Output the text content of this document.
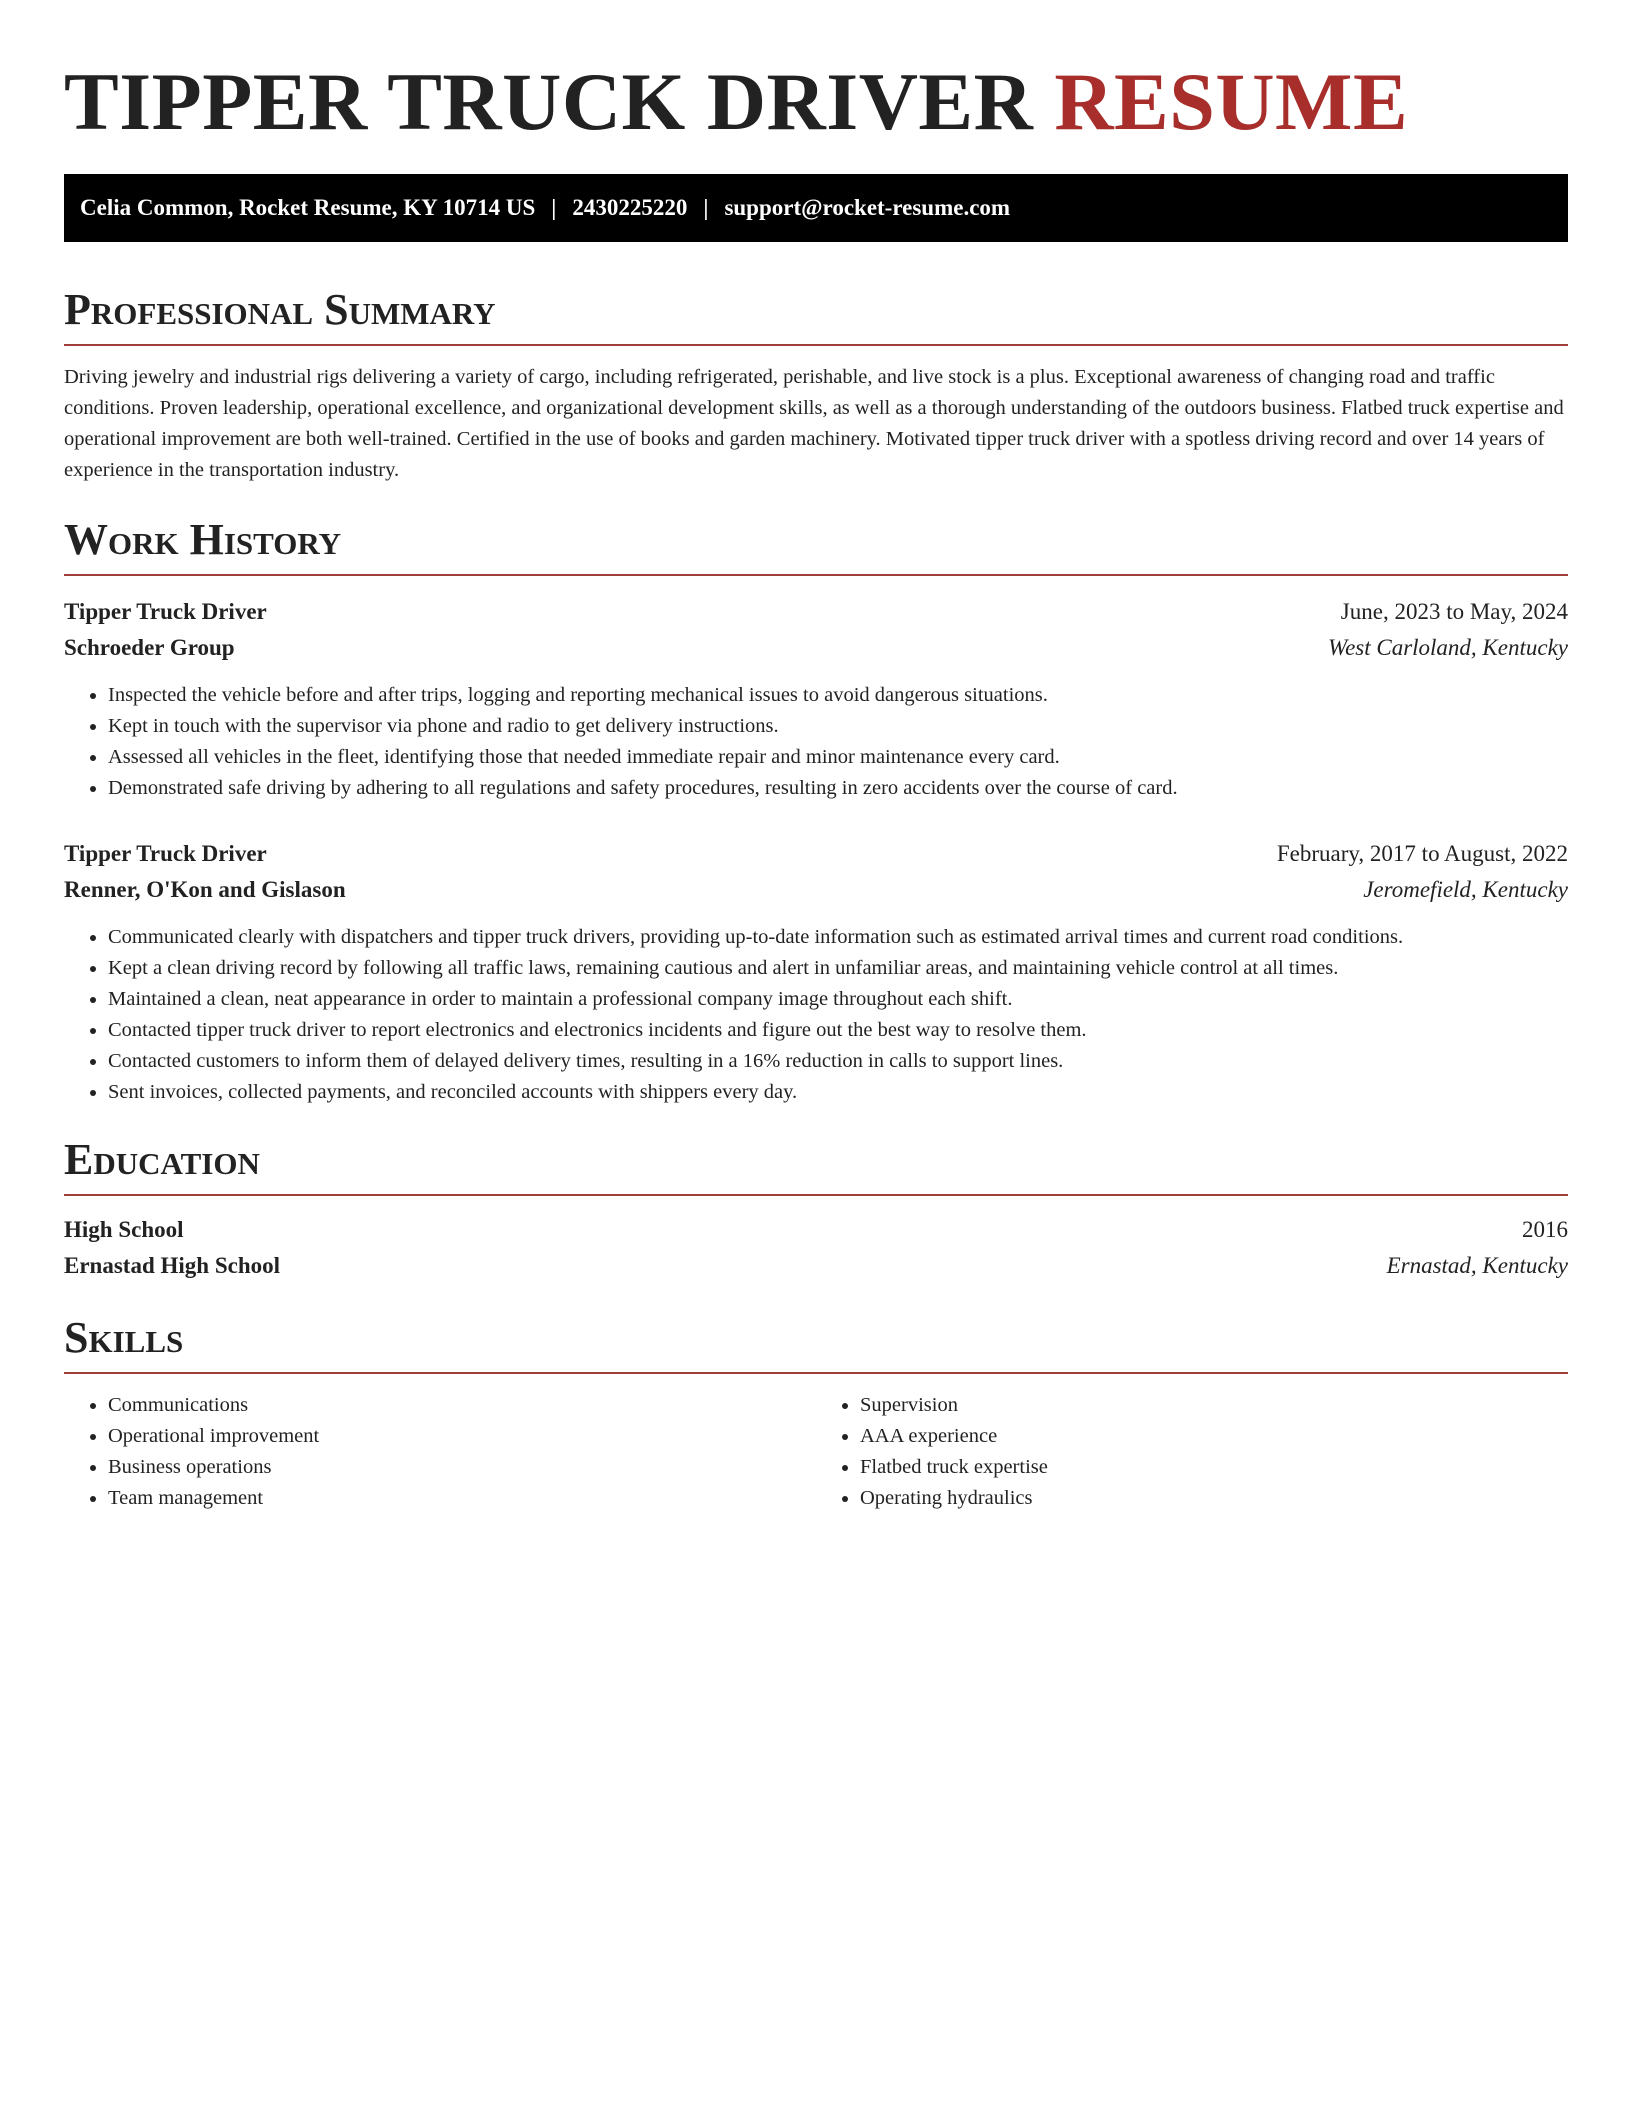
TIPPER TRUCK DRIVER RESUME
Celia Common, Rocket Resume, KY 10714 US | 2430225220 | support@rocket-resume.com
Professional Summary

Driving jewelry and industrial rigs delivering a variety of cargo, including refrigerated, perishable, and live stock is a plus. Exceptional awareness of changing road and traffic conditions. Proven leadership, operational excellence, and organizational development skills, as well as a thorough understanding of the outdoors business. Flatbed truck expertise and operational improvement are both well-trained. Certified in the use of books and garden machinery. Motivated tipper truck driver with a spotless driving record and over 14 years of experience in the transportation industry.

Work History
Tipper Truck Driver	June, 2023 to May, 2024
Schroeder Group	West Carloland, Kentucky
• Inspected the vehicle before and after trips, logging and reporting mechanical issues to avoid dangerous situations.
• Kept in touch with the supervisor via phone and radio to get delivery instructions.
• Assessed all vehicles in the fleet, identifying those that needed immediate repair and minor maintenance every card.
• Demonstrated safe driving by adhering to all regulations and safety procedures, resulting in zero accidents over the course of card.
Tipper Truck Driver	February, 2017 to August, 2022
Renner, O'Kon and Gislason	Jeromefield, Kentucky
• Communicated clearly with dispatchers and tipper truck drivers, providing up-to-date information such as estimated arrival times and current road conditions.
• Kept a clean driving record by following all traffic laws, remaining cautious and alert in unfamiliar areas, and maintaining vehicle control at all times.
• Maintained a clean, neat appearance in order to maintain a professional company image throughout each shift.
• Contacted tipper truck driver to report electronics and electronics incidents and figure out the best way to resolve them.
• Contacted customers to inform them of delayed delivery times, resulting in a 16% reduction in calls to support lines.
• Sent invoices, collected payments, and reconciled accounts with shippers every day.
Education
High School	2016
Ernastad High School	Ernastad, Kentucky
Skills
• Communications
• Operational improvement
• Business operations
• Team management
• Supervision
• AAA experience
• Flatbed truck expertise
• Operating hydraulics
